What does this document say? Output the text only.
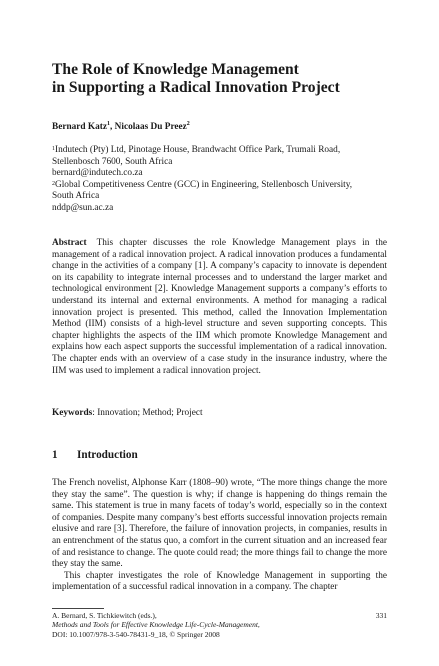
The Role of Knowledge Management
in Supporting a Radical Innovation Project
Bernard Katz$^1$, Nicolaas Du Preez$^2$
$^1$Indutech (Pty) Ltd, Pinotage House, Brandwacht Office Park, Trumali Road,
Stellenbosch 7600, South Africa
bernard@indutech.co.za
$^2$Global Competitiveness Centre (GCC) in Engineering, Stellenbosch University,
South Africa
nddp@sun.ac.za
Abstract This chapter discusses the role Knowledge Management plays in the management of a radical innovation project. A radical innovation produces a fundamental change in the activities of a company [1]. A company’s capacity to innovate is dependent on its capability to integrate internal processes and to understand the larger market and technological environment [2]. Knowledge Management supports a company’s efforts to understand its internal and external environments. A method for managing a radical innovation project is presented. This method, called the Innovation Implementation Method (IIM) consists of a high-level structure and seven supporting concepts. This chapter highlights the aspects of the IIM which promote Knowledge Management and explains how each aspect supports the successful implementation of a radical innovation. The chapter ends with an overview of a case study in the insurance industry, where the IIM was used to implement a radical innovation project.
Keywords: Innovation; Method; Project
1 Introduction

The French novelist, Alphonse Karr (1808–90) wrote, “The more things change the more they stay the same”. The question is why; if change is happening do things remain the same. This statement is true in many facets of today’s world, especially so in the context of companies. Despite many company’s best efforts successful innovation projects remain elusive and rare [3]. Therefore, the failure of innovation projects, in companies, results in an entrenchment of the status quo, a comfort in the current situation and an increased fear of and resistance to change. The quote could read; the more things fail to change the more they stay the same.

This chapter investigates the role of Knowledge Management in supporting the implementation of a successful radical innovation in a company. The chapter

A. Bernard, S. Tichkiewitch (eds.),
Methods and Tools for Effective Knowledge Life-Cycle-Management,
DOI: 10.1007/978-3-540-78431-9_18, © Springer 2008
331
